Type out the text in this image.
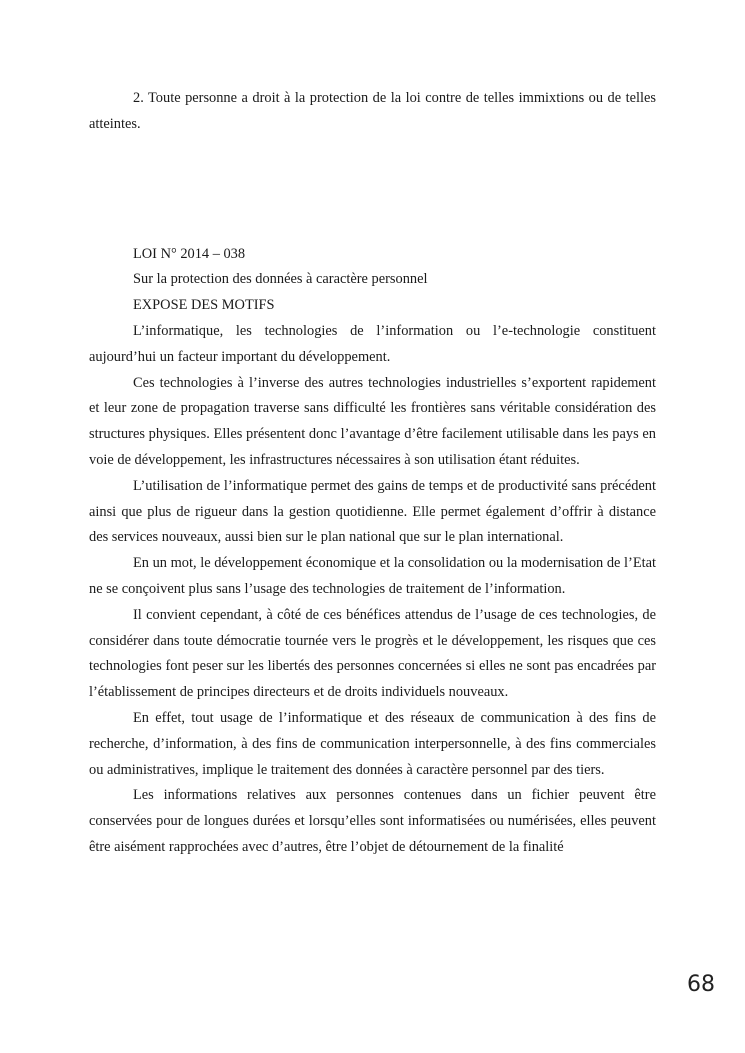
2. Toute personne a droit à la protection de la loi contre de telles immixtions ou de telles atteintes.

LOI N° 2014 – 038

Sur la protection des données à caractère personnel

EXPOSE DES MOTIFS

L’informatique, les technologies de l’information ou l’e-technologie constituent aujourd’hui un facteur important du développement.

Ces technologies à l’inverse des autres technologies industrielles s’exportent rapidement et leur zone de propagation traverse sans difficulté les frontières sans véritable considération des structures physiques. Elles présentent donc l’avantage d’être facilement utilisable dans les pays en voie de développement, les infrastructures nécessaires à son utilisation étant réduites.

L’utilisation de l’informatique permet des gains de temps et de productivité sans précédent ainsi que plus de rigueur dans la gestion quotidienne. Elle permet également d’offrir à distance des services nouveaux, aussi bien sur le plan national que sur le plan international.

En un mot, le développement économique et la consolidation ou la modernisation de l’Etat ne se conçoivent plus sans l’usage des technologies de traitement de l’information.

Il convient cependant, à côté de ces bénéfices attendus de l’usage de ces technologies, de considérer dans toute démocratie tournée vers le progrès et le développement, les risques que ces technologies font peser sur les libertés des personnes concernées si elles ne sont pas encadrées par l’établissement de principes directeurs et de droits individuels nouveaux.

En effet, tout usage de l’informatique et des réseaux de communication à des fins de recherche, d’information, à des fins de communication interpersonnelle, à des fins commerciales ou administratives, implique le traitement des données à caractère personnel par des tiers.

Les informations relatives aux personnes contenues dans un fichier peuvent être conservées pour de longues durées et lorsqu’elles sont informatisées ou numérisées, elles peuvent être aisément rapprochées avec d’autres, être l’objet de détournement de la finalité

68
